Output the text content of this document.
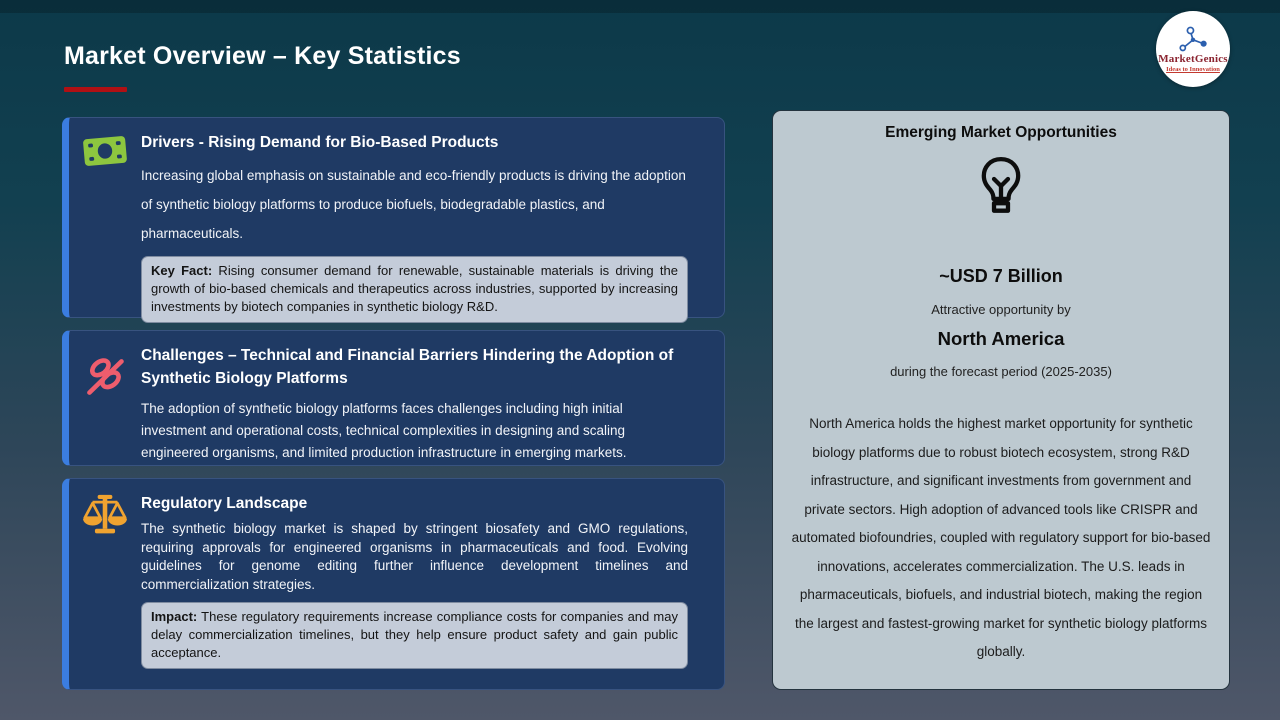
Market Overview – Key Statistics	MarketGenics
Ideas to Innovation
Drivers - Rising Demand for Bio-Based Products
Increasing global emphasis on sustainable and eco-friendly products is driving the adoption of synthetic biology platforms to produce biofuels, biodegradable plastics, and pharmaceuticals.
Key Fact: Rising consumer demand for renewable, sustainable materials is driving the growth of bio-based chemicals and therapeutics across industries, supported by increasing investments by biotech companies in synthetic biology R&D.
Challenges – Technical and Financial Barriers Hindering the Adoption of Synthetic Biology Platforms
The adoption of synthetic biology platforms faces challenges including high initial investment and operational costs, technical complexities in designing and scaling engineered organisms, and limited production infrastructure in emerging markets.
Regulatory Landscape
The synthetic biology market is shaped by stringent biosafety and GMO regulations, requiring approvals for engineered organisms in pharmaceuticals and food. Evolving guidelines for genome editing further influence development timelines and commercialization strategies.
Impact: These regulatory requirements increase compliance costs for companies and may delay commercialization timelines, but they help ensure product safety and gain public acceptance.
Emerging Market Opportunities
~USD 7 Billion
Attractive opportunity by
North America
during the forecast period (2025-2035)
North America holds the highest market opportunity for synthetic biology platforms due to robust biotech ecosystem, strong R&D infrastructure, and significant investments from government and private sectors. High adoption of advanced tools like CRISPR and automated biofoundries, coupled with regulatory support for bio-based innovations, accelerates commercialization. The U.S. leads in pharmaceuticals, biofuels, and industrial biotech, making the region the largest and fastest-growing market for synthetic biology platforms globally.
